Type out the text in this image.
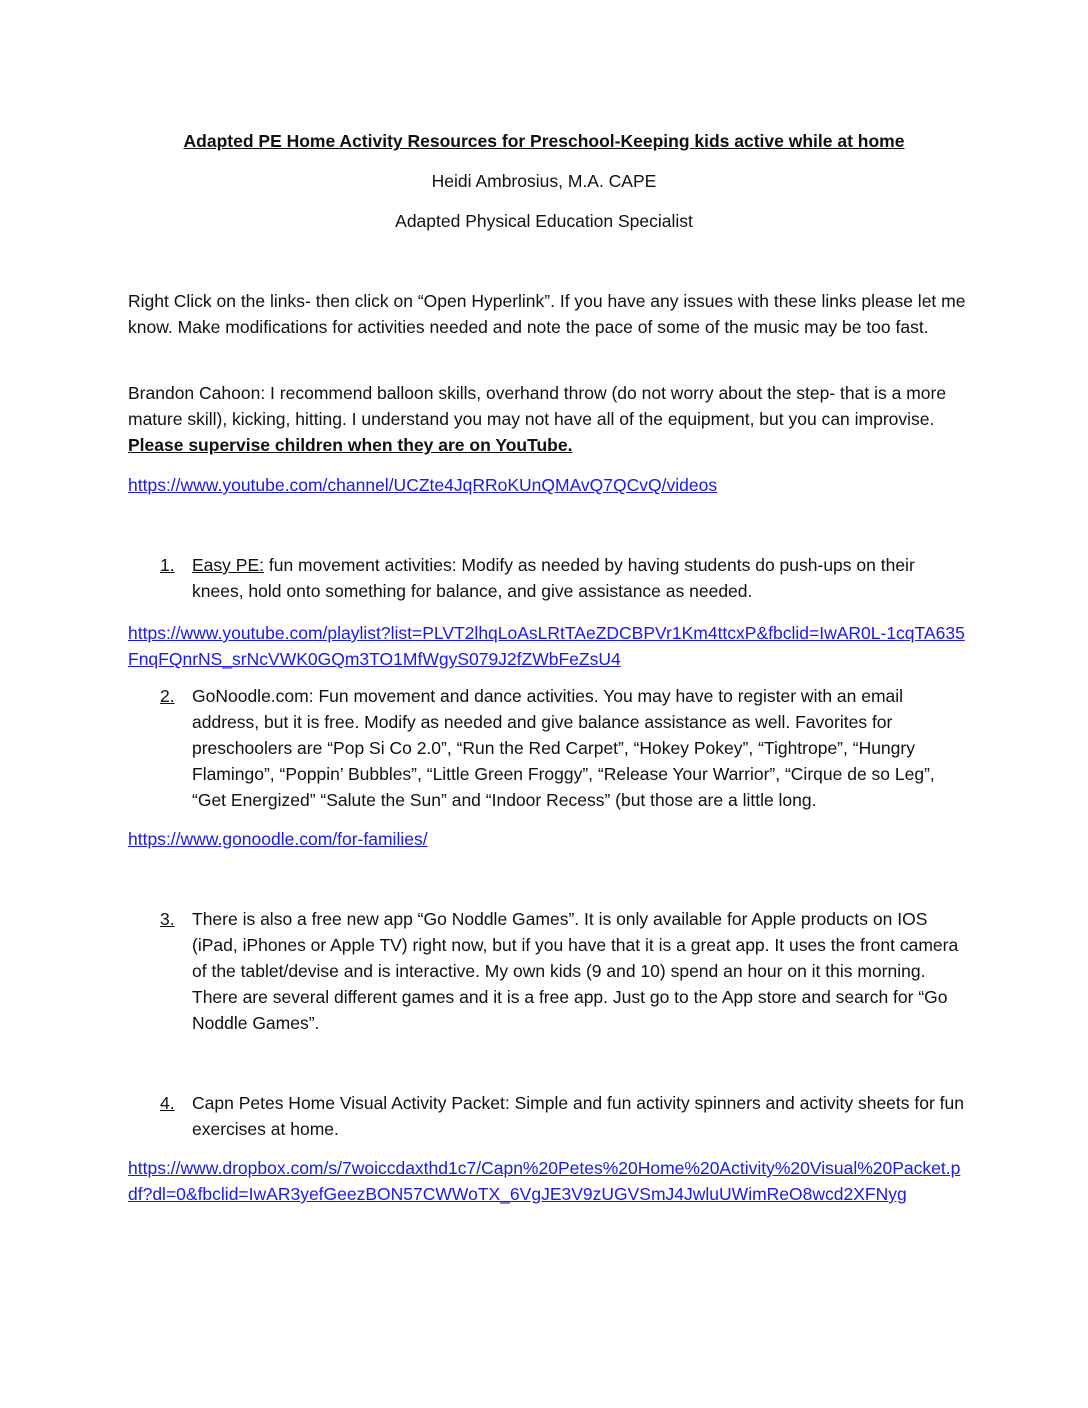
Adapted PE Home Activity Resources for Preschool-Keeping kids active while at home
Heidi Ambrosius, M.A. CAPE
Adapted Physical Education Specialist
Right Click on the links- then click on “Open Hyperlink”. If you have any issues with these links please let me know. Make modifications for activities needed and note the pace of some of the music may be too fast.
Brandon Cahoon: I recommend balloon skills, overhand throw (do not worry about the step- that is a more mature skill), kicking, hitting. I understand you may not have all of the equipment, but you can improvise. Please supervise children when they are on YouTube.
https://www.youtube.com/channel/UCZte4JqRRoKUnQMAvQ7QCvQ/videos
1. Easy PE: fun movement activities: Modify as needed by having students do push-ups on their knees, hold onto something for balance, and give assistance as needed.
https://www.youtube.com/playlist?list=PLVT2lhqLoAsLRtTAeZDCBPVr1Km4ttcxP&fbclid=IwAR0L-1cqTA635FnqFQnrNS_srNcVWK0GQm3TO1MfWgyS079J2fZWbFeZsU4
2. GoNoodle.com: Fun movement and dance activities. You may have to register with an email address, but it is free. Modify as needed and give balance assistance as well. Favorites for preschoolers are “Pop Si Co 2.0”, “Run the Red Carpet”, “Hokey Pokey”, “Tightrope”, “Hungry Flamingo”, “Poppin’ Bubbles”, “Little Green Froggy”, “Release Your Warrior”, “Cirque de so Leg”, “Get Energized” “Salute the Sun” and “Indoor Recess” (but those are a little long.
https://www.gonoodle.com/for-families/
3. There is also a free new app “Go Noddle Games”. It is only available for Apple products on IOS (iPad, iPhones or Apple TV) right now, but if you have that it is a great app. It uses the front camera of the tablet/devise and is interactive. My own kids (9 and 10) spend an hour on it this morning. There are several different games and it is a free app. Just go to the App store and search for “Go Noddle Games”.
4. Capn Petes Home Visual Activity Packet: Simple and fun activity spinners and activity sheets for fun exercises at home.
https://www.dropbox.com/s/7woiccdaxthd1c7/Capn%20Petes%20Home%20Activity%20Visual%20Packet.pdf?dl=0&fbclid=IwAR3yefGeezBON57CWWoTX_6VgJE3V9zUGVSmJ4JwluUWimReO8wcd2XFNyg
